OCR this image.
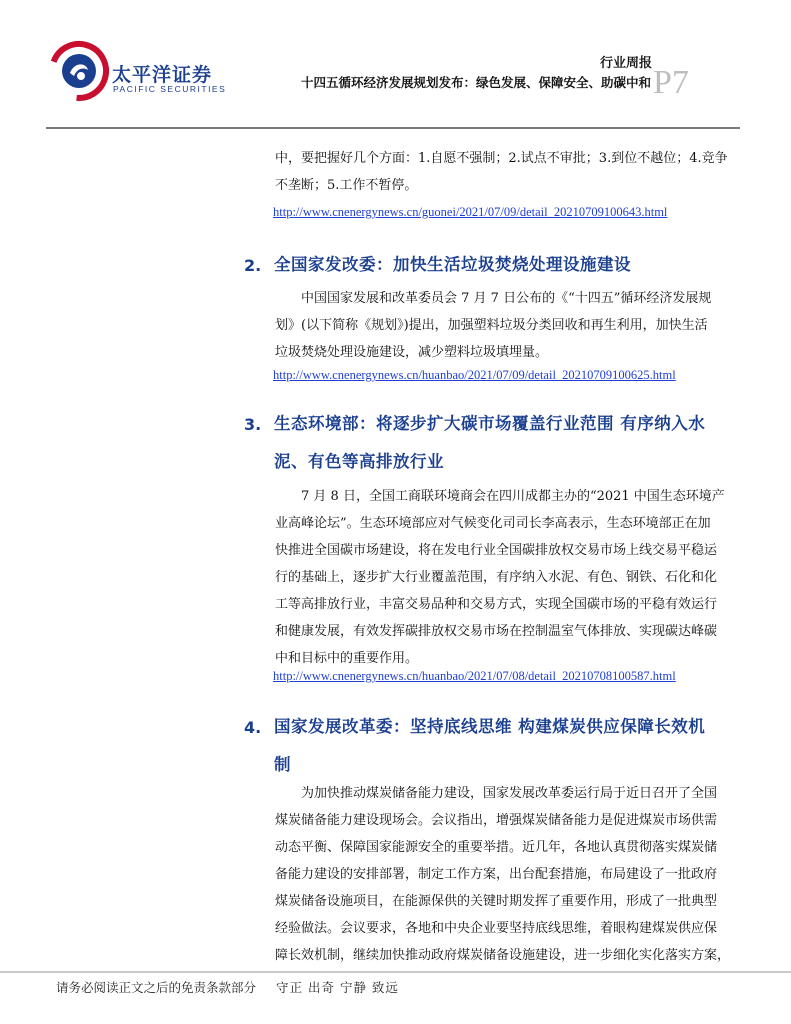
太平洋证券
PACIFIC SECURITIES
行业周报
十四五循环经济发展规划发布：绿色发展、保障安全、助碳中和 P7
中，要把握好几个方面：1.自愿不强制；2.试点不审批；3.到位不越位；4.竞争
不垄断；5.工作不暂停。
http://www.cnenergynews.cn/guonei/2021/07/09/detail_20210709100643.html
2. 全国家发改委：加快生活垃圾焚烧处理设施建设
中国国家发展和改革委员会 7 月 7 日公布的《“十四五”循环经济发展规
划》(以下简称《规划》)提出，加强塑料垃圾分类回收和再生利用，加快生活
垃圾焚烧处理设施建设，减少塑料垃圾填埋量。
http://www.cnenergynews.cn/huanbao/2021/07/09/detail_20210709100625.html
3. 生态环境部：将逐步扩大碳市场覆盖行业范围 有序纳入水
泥、有色等高排放行业
7 月 8 日，全国工商联环境商会在四川成都主办的“2021 中国生态环境产
业高峰论坛”。生态环境部应对气候变化司司长李高表示，生态环境部正在加
快推进全国碳市场建设，将在发电行业全国碳排放权交易市场上线交易平稳运
行的基础上，逐步扩大行业覆盖范围，有序纳入水泥、有色、钢铁、石化和化
工等高排放行业，丰富交易品种和交易方式，实现全国碳市场的平稳有效运行
和健康发展，有效发挥碳排放权交易市场在控制温室气体排放、实现碳达峰碳
中和目标中的重要作用。
http://www.cnenergynews.cn/huanbao/2021/07/08/detail_20210708100587.html
4. 国家发展改革委：坚持底线思维 构建煤炭供应保障长效机
制
为加快推动煤炭储备能力建设，国家发展改革委运行局于近日召开了全国
煤炭储备能力建设现场会。会议指出，增强煤炭储备能力是促进煤炭市场供需
动态平衡、保障国家能源安全的重要举措。近几年，各地认真贯彻落实煤炭储
备能力建设的安排部署，制定工作方案，出台配套措施，布局建设了一批政府
煤炭储备设施项目，在能源保供的关键时期发挥了重要作用，形成了一批典型
经验做法。会议要求，各地和中央企业要坚持底线思维，着眼构建煤炭供应保
障长效机制，继续加快推动政府煤炭储备设施建设，进一步细化实化落实方案，
请务必阅读正文之后的免责条款部分 守正 出奇 宁静 致远
